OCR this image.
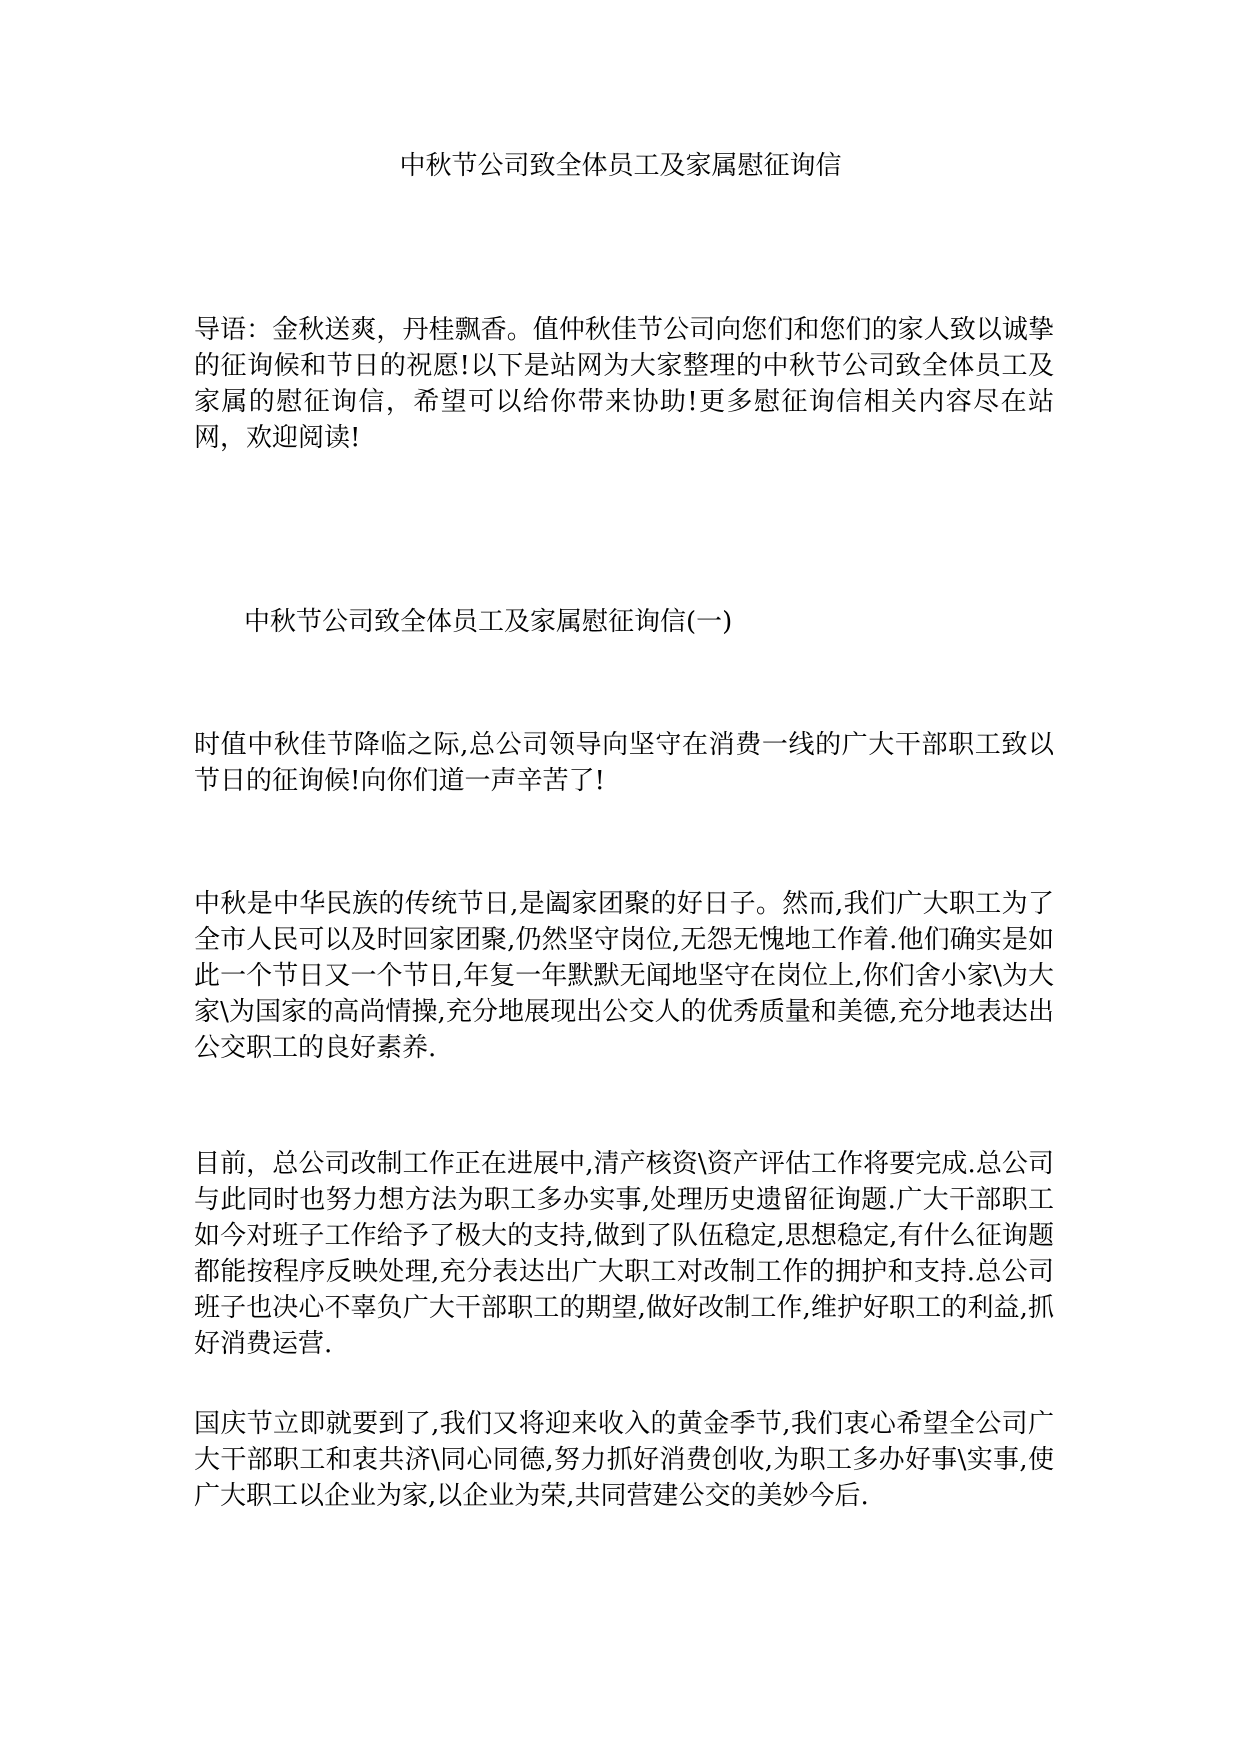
中秋节公司致全体员工及家属慰征询信

导语：金秋送爽，丹桂飘香。值仲秋佳节公司向您们和您们的家人致以诚挚的征询候和节日的祝愿!以下是站网为大家整理的中秋节公司致全体员工及家属的慰征询信，希望可以给你带来协助!更多慰征询信相关内容尽在站网，欢迎阅读!

中秋节公司致全体员工及家属慰征询信(一)

时值中秋佳节降临之际,总公司领导向坚守在消费一线的广大干部职工致以节日的征询候!向你们道一声辛苦了!

中秋是中华民族的传统节日,是阖家团聚的好日子。然而,我们广大职工为了全市人民可以及时回家团聚,仍然坚守岗位,无怨无愧地工作着.他们确实是如此一个节日又一个节日,年复一年默默无闻地坚守在岗位上,你们舍小家\为大家\为国家的高尚情操,充分地展现出公交人的优秀质量和美德,充分地表达出公交职工的良好素养.

目前，总公司改制工作正在进展中,清产核资\资产评估工作将要完成.总公司与此同时也努力想方法为职工多办实事,处理历史遗留征询题.广大干部职工如今对班子工作给予了极大的支持,做到了队伍稳定,思想稳定,有什么征询题都能按程序反映处理,充分表达出广大职工对改制工作的拥护和支持.总公司班子也决心不辜负广大干部职工的期望,做好改制工作,维护好职工的利益,抓好消费运营.

国庆节立即就要到了,我们又将迎来收入的黄金季节,我们衷心希望全公司广大干部职工和衷共济\同心同德,努力抓好消费创收,为职工多办好事\实事,使广大职工以企业为家,以企业为荣,共同营建公交的美妙今后.
